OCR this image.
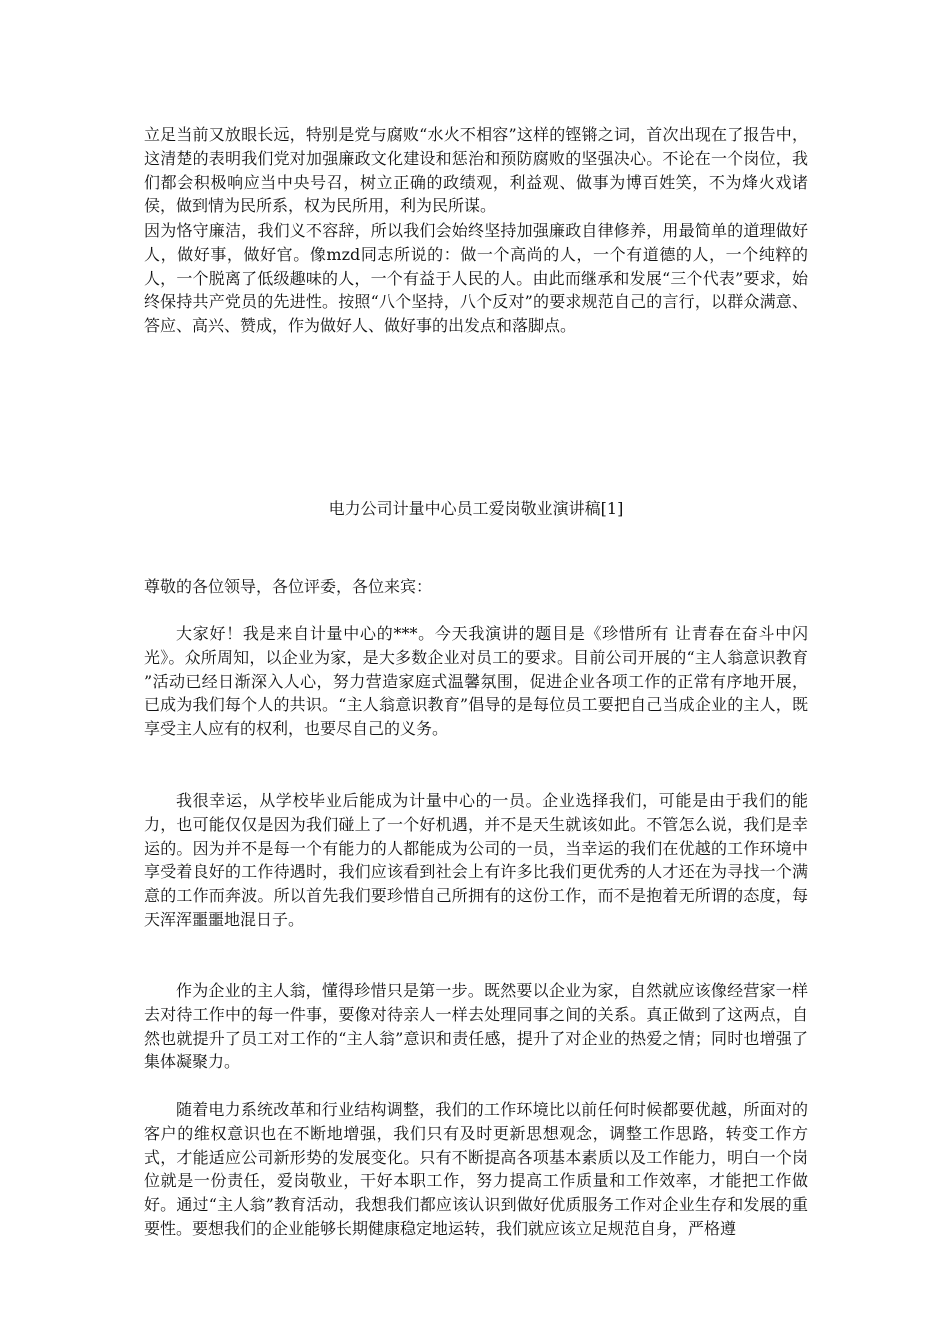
立足当前又放眼长远，特别是党与腐败“水火不相容”这样的铿锵之词，首次出现在了报告中，这清楚的表明我们党对加强廉政文化建设和惩治和预防腐败的坚强决心。不论在一个岗位，我们都会积极响应当中央号召，树立正确的政绩观，利益观、做事为博百姓笑，不为烽火戏诸侯，做到情为民所系，权为民所用，利为民所谋。

因为恪守廉洁，我们义不容辞，所以我们会始终坚持加强廉政自律修养，用最简单的道理做好人，做好事，做好官。像mzd同志所说的：做一个高尚的人，一个有道德的人，一个纯粹的人，一个脱离了低级趣味的人，一个有益于人民的人。由此而继承和发展“三个代表”要求，始终保持共产党员的先进性。按照“八个坚持，八个反对”的要求规范自己的言行，以群众满意、答应、高兴、赞成，作为做好人、做好事的出发点和落脚点。

电力公司计量中心员工爱岗敬业演讲稿[1]

尊敬的各位领导，各位评委，各位来宾：

大家好！我是来自计量中心的***。今天我演讲的题目是《珍惜所有 让青春在奋斗中闪光》。众所周知，以企业为家，是大多数企业对员工的要求。目前公司开展的“主人翁意识教育 ”活动已经日渐深入人心，努力营造家庭式温馨氛围，促进企业各项工作的正常有序地开展，已成为我们每个人的共识。“主人翁意识教育”倡导的是每位员工要把自己当成企业的主人，既享受主人应有的权利，也要尽自己的义务。

我很幸运，从学校毕业后能成为计量中心的一员。企业选择我们，可能是由于我们的能力，也可能仅仅是因为我们碰上了一个好机遇，并不是天生就该如此。不管怎么说，我们是幸运的。因为并不是每一个有能力的人都能成为公司的一员，当幸运的我们在优越的工作环境中享受着良好的工作待遇时，我们应该看到社会上有许多比我们更优秀的人才还在为寻找一个满意的工作而奔波。所以首先我们要珍惜自己所拥有的这份工作，而不是抱着无所谓的态度，每天浑浑噩噩地混日子。

作为企业的主人翁，懂得珍惜只是第一步。既然要以企业为家，自然就应该像经营家一样去对待工作中的每一件事，要像对待亲人一样去处理同事之间的关系。真正做到了这两点，自然也就提升了员工对工作的“主人翁”意识和责任感，提升了对企业的热爱之情；同时也增强了集体凝聚力。

随着电力系统改革和行业结构调整，我们的工作环境比以前任何时候都要优越，所面对的客户的维权意识也在不断地增强，我们只有及时更新思想观念，调整工作思路，转变工作方式，才能适应公司新形势的发展变化。只有不断提高各项基本素质以及工作能力，明白一个岗位就是一份责任，爱岗敬业，干好本职工作，努力提高工作质量和工作效率，才能把工作做好。通过“主人翁”教育活动，我想我们都应该认识到做好优质服务工作对企业生存和发展的重要性。要想我们的企业能够长期健康稳定地运转，我们就应该立足规范自身，严格遵
